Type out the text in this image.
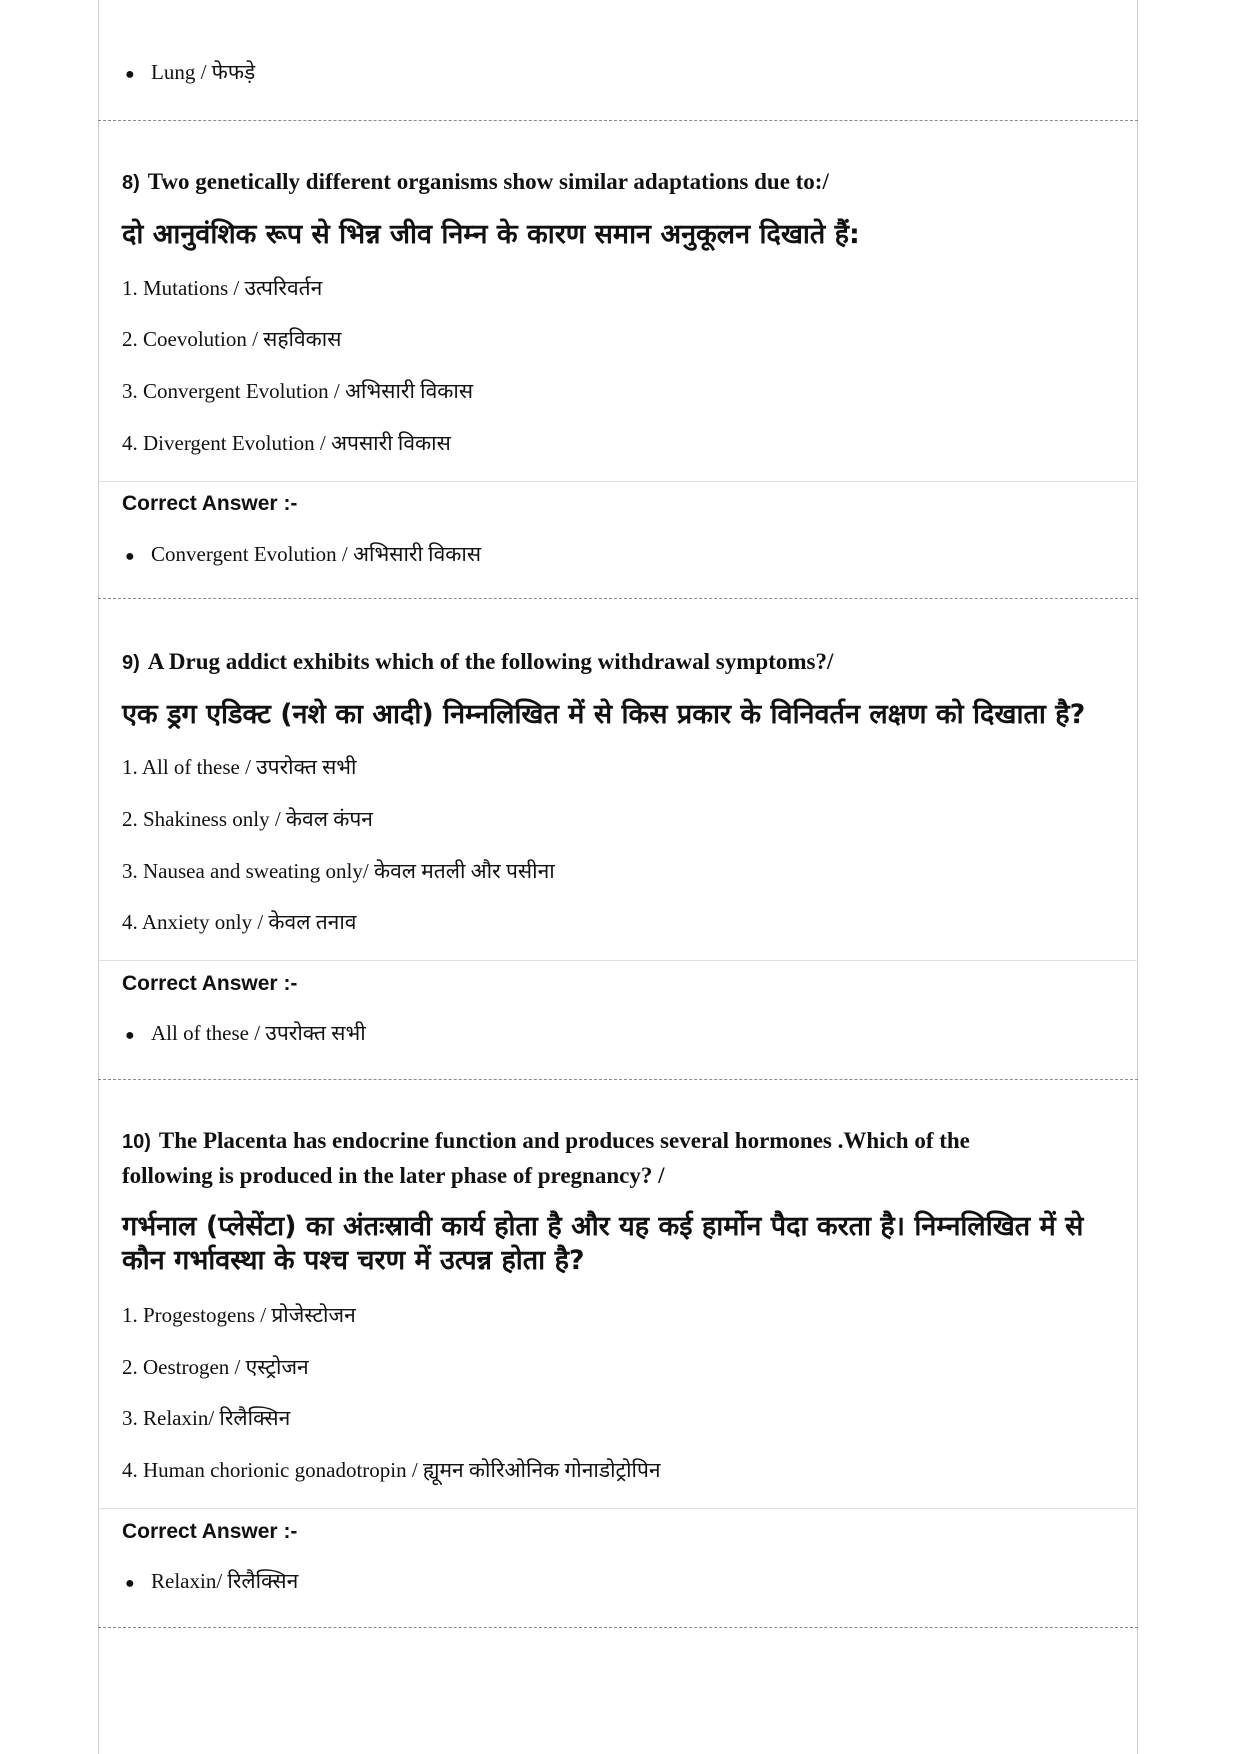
● Lung / फेफड़े
8) Two genetically different organisms show similar adaptations due to:/
दो आनुवंशिक रूप से भिन्न जीव निम्न के कारण समान अनुकूलन दिखाते हैं:
1. Mutations / उत्परिवर्तन
2. Coevolution / सहविकास
3. Convergent Evolution / अभिसारी विकास
4. Divergent Evolution / अपसारी विकास
Correct Answer :-
● Convergent Evolution / अभिसारी विकास
9) A Drug addict exhibits which of the following withdrawal symptoms?/
एक ड्रग एडिक्ट (नशे का आदी) निम्नलिखित में से किस प्रकार के विनिवर्तन लक्षण को दिखाता है?
1. All of these / उपरोक्त सभी
2. Shakiness only / केवल कंपन
3. Nausea and sweating only/ केवल मतली और पसीना
4. Anxiety only / केवल तनाव
Correct Answer :-
● All of these / उपरोक्त सभी
10) The Placenta has endocrine function and produces several hormones .Which of the
following is produced in the later phase of pregnancy? /
गर्भनाल (प्लेसेंटा) का अंतःस्रावी कार्य होता है और यह कई हार्मोन पैदा करता है। निम्नलिखित में से
कौन गर्भावस्था के पश्च चरण में उत्पन्न होता है?
1. Progestogens / प्रोजेस्टोजन
2. Oestrogen / एस्ट्रोजन
3. Relaxin/ रिलैक्सिन
4. Human chorionic gonadotropin / ह्यूमन कोरिओनिक गोनाडोट्रोपिन
Correct Answer :-
● Relaxin/ रिलैक्सिन
